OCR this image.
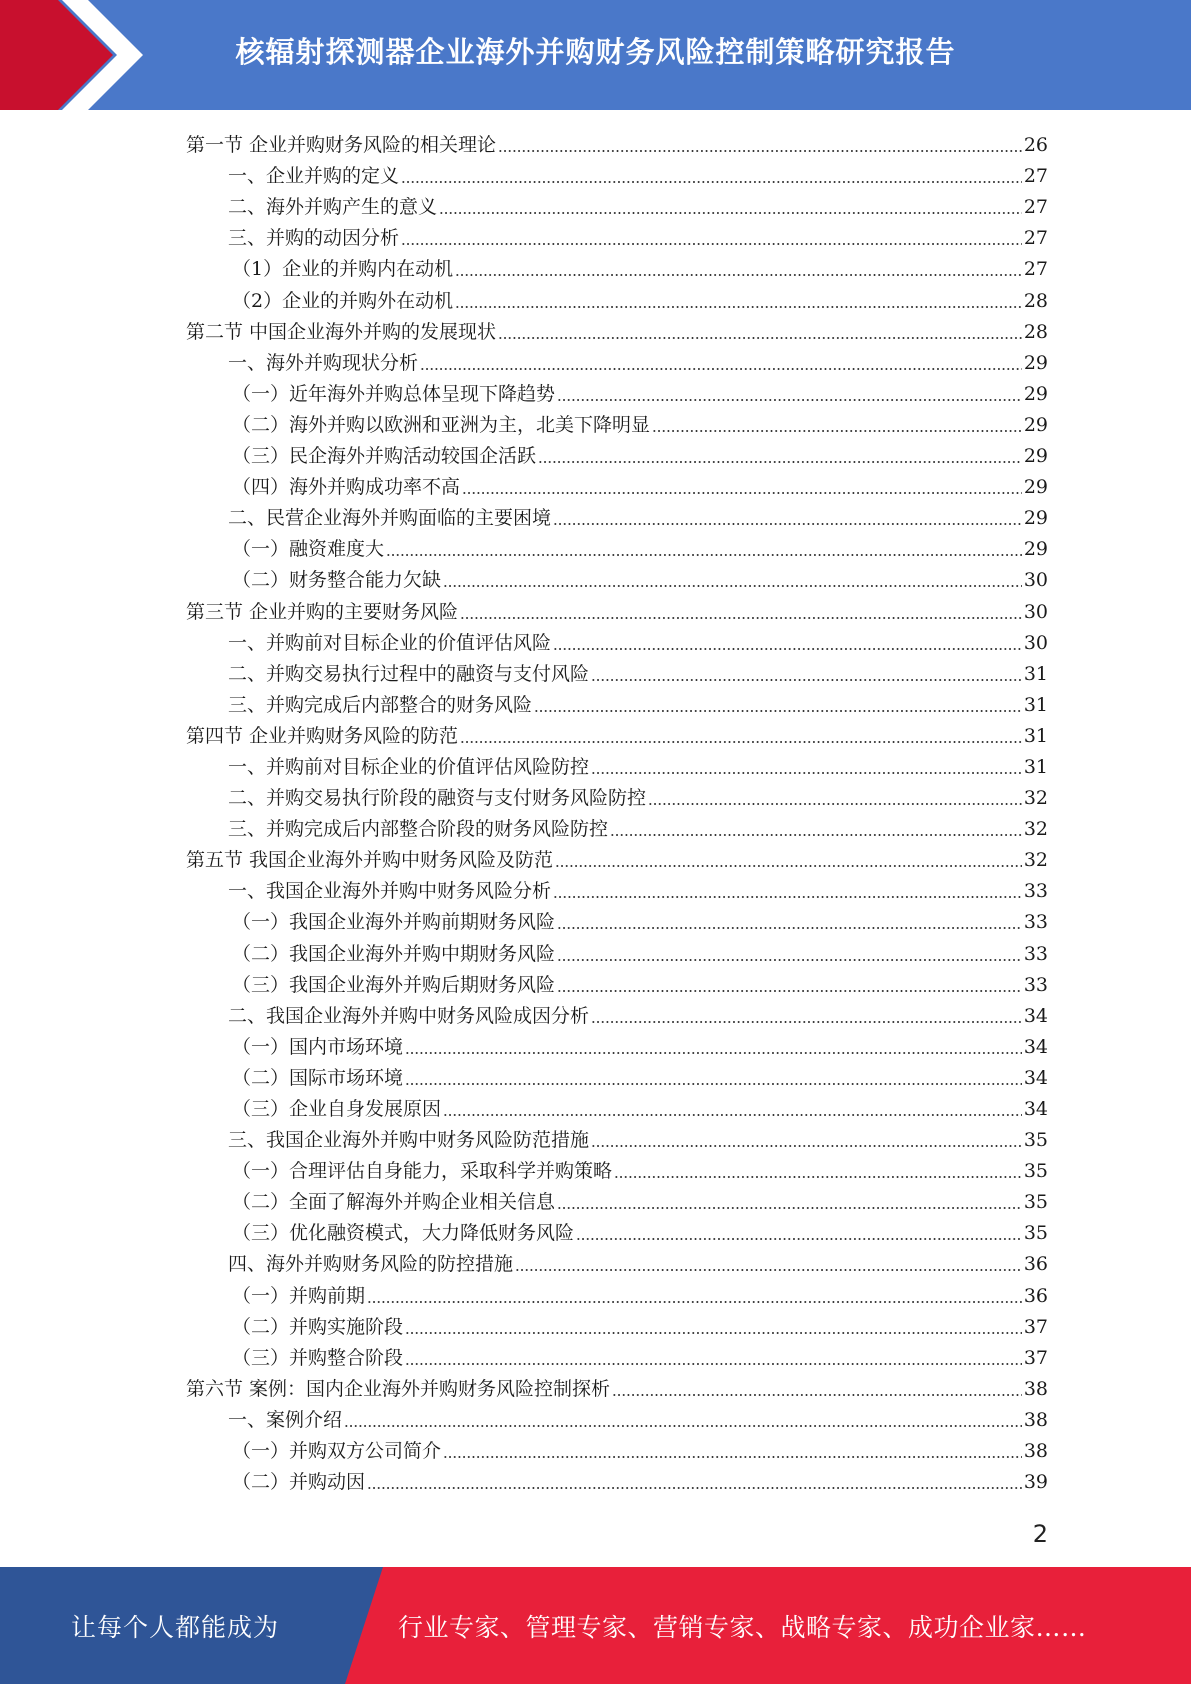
核辐射探测器企业海外并购财务风险控制策略研究报告
第一节 企业并购财务风险的相关理论	26
一、企业并购的定义	27
二、海外并购产生的意义	27
三、并购的动因分析	27
（1）企业的并购内在动机	27
（2）企业的并购外在动机	28
第二节 中国企业海外并购的发展现状	28
一、海外并购现状分析	29
（一）近年海外并购总体呈现下降趋势	29
（二）海外并购以欧洲和亚洲为主，北美下降明显	29
（三）民企海外并购活动较国企活跃	29
（四）海外并购成功率不高	29
二、民营企业海外并购面临的主要困境	29
（一）融资难度大	29
（二）财务整合能力欠缺	30
第三节 企业并购的主要财务风险	30
一、并购前对目标企业的价值评估风险	30
二、并购交易执行过程中的融资与支付风险	31
三、并购完成后内部整合的财务风险	31
第四节 企业并购财务风险的防范	31
一、并购前对目标企业的价值评估风险防控	31
二、并购交易执行阶段的融资与支付财务风险防控	32
三、并购完成后内部整合阶段的财务风险防控	32
第五节 我国企业海外并购中财务风险及防范	32
一、我国企业海外并购中财务风险分析	33
（一）我国企业海外并购前期财务风险	33
（二）我国企业海外并购中期财务风险	33
（三）我国企业海外并购后期财务风险	33
二、我国企业海外并购中财务风险成因分析	34
（一）国内市场环境	34
（二）国际市场环境	34
（三）企业自身发展原因	34
三、我国企业海外并购中财务风险防范措施	35
（一）合理评估自身能力，采取科学并购策略	35
（二）全面了解海外并购企业相关信息	35
（三）优化融资模式，大力降低财务风险	35
四、海外并购财务风险的防控措施	36
（一）并购前期	36
（二）并购实施阶段	37
（三）并购整合阶段	37
第六节 案例：国内企业海外并购财务风险控制探析	38
一、案例介绍	38
（一）并购双方公司简介	38
（二）并购动因	39
2
让每个人都能成为	行业专家、管理专家、营销专家、战略专家、成功企业家……
